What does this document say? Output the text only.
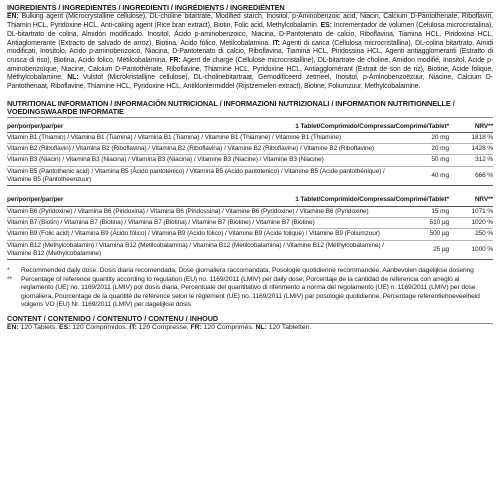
INGREDIENTS / INGREDIENTES / INGREDIENTI / INGRÉDIENTS / INGREDIËNTEN
EN: Bulking agent (Microcrystalline cellulose), DL-choline bitartrate, Modified starch, Inositol, p-Aminobenzoic acid, Niacin, Calcium D-Pantothenate, Riboflavin, Thiamin HCL, Pyridoxine HCL, Anti-caking agent (Rice bran extract), Biotin, Folic acid, Methylcobalamin. ES: Incrementador de volumen (Celulosa microcristalina), DL-bitartrato de colina, Almidón modificado, Inositol, Ácido p-aminobenzoico, Niacina, D-Pantotenato de calcio, Riboflavina, Tiamina HCL, Piridoxina HCL, Antiaglomerante (Extracto de salvado de arroz), Biotina, Ácido fólico, Metilcobalamina. IT: Agenti di carica (Cellulosa microcristallina), DL-colina bitartrato, Amidi modificati, Inositolo, Acido p-aminobenzoico, Niacina, D-Pantotenato di calcio, Riboflavina, Tiamina HCL, Piridossina HCL, Agenti antiagglomeranti (Estratto di crusca di riso), Biotina, Acido folico, Metilcobalamina. FR: Agent de charge (Cellulose microcristalline), DL-bitartrate de choline, Amidon modifié, Inositol, Acide p-aminobenzoïque, Niacine, Calcium D-Pantothénate, Riboflavine, Thiamine HCL, Pyridoxine HCL, Antiagglomérant (Extrait de son de riz), Biotine, Acide folique, Méthylcobalamine. NL: Vulstof (Microkristallijne cellulose), DL-cholinebitartraat, Gemodificeerd zetmeel, Inositol, p-Aminobenzoëzuur, Niacine, Calcium D-Pantothenaat, Riboflavine, Thiamine HCL, Pyridoxine HCL, Antiklontermiddel (Rijstzemelen extract), Biotine, Foliumzuur, Methylcobalamine.
NUTRITIONAL INFORMATION / INFORMACIÓN NUTRICIONAL / INFORMAZIONI NUTRIZIONALI / INFORMATION NUTRITIONNELLE /
VOEDINGSWAARDE INFORMATIE
per/por/per/par/per	1 Tablet/Comprimido/Compressa/Comprimé/Tablet*	NRV**
Vitamin B1 (Thiamin) / Vitamina B1 (Tiamina) / Vitamina B1 (Tiamina) / Vitamine B1 (Thiamine) / Vitamine B1 (Thiamine)	20 mg	1818 %
Vitamin B2 (Riboflavin) / Vitamina B2 (Riboflavina) / Vitamina B2 (Riboflavina) / Vitamine B2 (Riboflavine) / Vitamine B2 (Riboflavine)	20 mg	1428 %
Vitamin B3 (Niacin) / Vitamina B3 (Niacina) / Vitamina B3 (Niacina) / Vitamine B3 (Niacine) / Vitamine B3 (Niacine)	50 mg	312 %
Vitamin B5 (Pantothenic acid) / Vitamina B5 (Ácido pantoténico) / Vitamina B5 (Acido pantotenico) / Vitamine B5 (Acide pantothénique) / Vitamine B5 (Pantotheenzuur)	40 mg	666 %
per/por/per/par/per	1 Tablet/Comprimido/Compressa/Comprimé/Tablet*	NRV**
Vitamin B6 (Pyridoxine) / Vitamina B6 (Piridoxina) / Vitamina B6 (Piridossina) / Vitamine B6 (Pyridoxine) / Vitamine B6 (Pyridoxine)	15 mg	1071 %
Vitamin B7 (Biotin) / Vitamina B7 (Biotina) / Vitamina B7 (Biotina) / Vitamine B7 (Biotine) / Vitamine B7 (Biotine)	510 µg	1020 %
Vitamin B9 (Folic acid) / Vitamina B9 (Ácido fólico) / Vitamina B9 (Acido folico) / Vitamine B9 (Acide folique) / Vitamine B9 (Foliumzuur)	500 µg	250 %
Vitamin B12 (Methylcobalamin) / Vitamina B12 (Metilcobalamina) / Vitamina B12 (Metilcobalamina) / Vitamine B12 (Méthylcobalamine) / Vitamine B12 (Methylcobalamine)	25 µg	1000 %
*	Recommended daily dose. Dosis diaria recomendada, Dose giornaliera raccomandata, Posologie quotidienne recommandée, Aanbevolen dagelijkse dosering
**	Percentage of reference quantity according to regulation (EU) no. 1169/2011 (LMIV) per daily dose, Porcentaje de la cantidad de referencia con arreglo al reglamento (UE) no. 1169/2011 (LMIV) por dosis diaria, Percentuale del quantitativo di riferimento a norma del regolamento (UE) n. 1169/2011 (LMIV) per dose giornaliera, Pourcentage de la quantité de référence selon le règlement (UE) no. 1169/2011 (LMIV) par posologie quotidienne, Percentage referentiehoeveelheid volgens VO (EU) Nr. 1169/2011 (LMIV) per dagelijkse dosis
CONTENT / CONTENIDO / CONTENUTO / CONTENU / INHOUD
EN: 120 Tablets. ES: 120 Comprimidos. IT: 120 Compresse. FR: 120 Comprimés. NL: 120 Tabletten.
